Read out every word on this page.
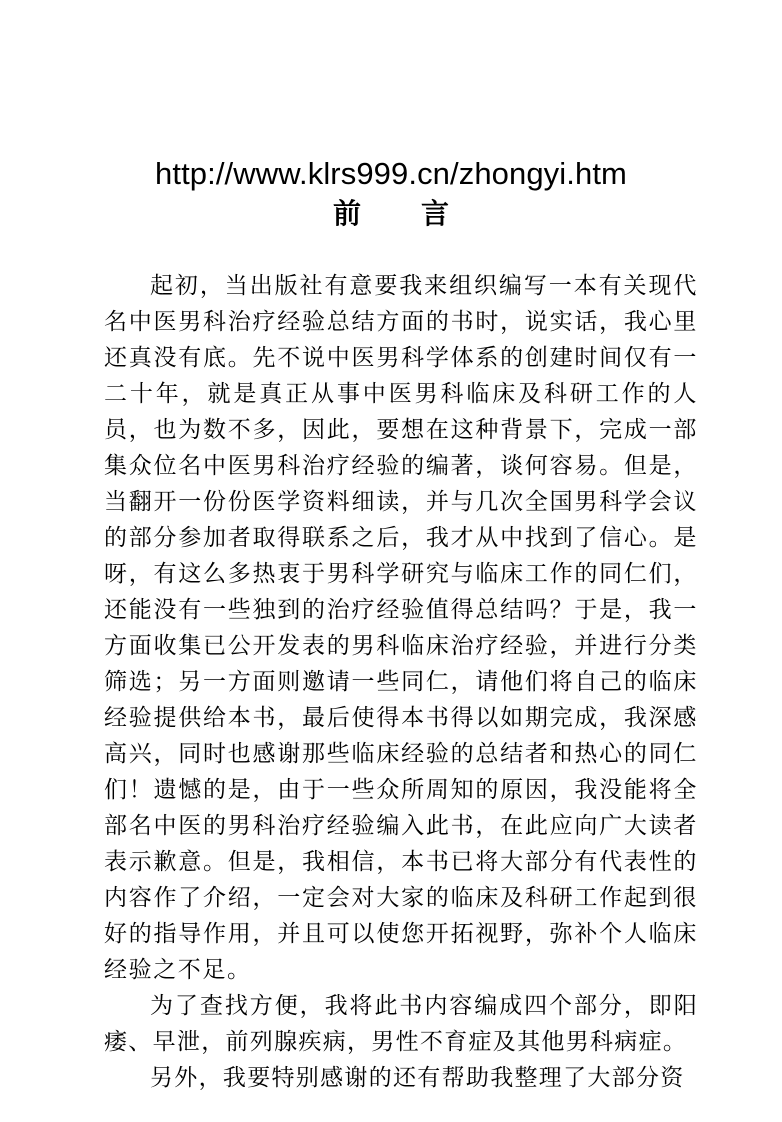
http://www.klrs999.cn/zhongyi.htm
前言

起初，当出版社有意要我来组织编写一本有关现代名中医男科治疗经验总结方面的书时，说实话，我心里还真没有底。先不说中医男科学体系的创建时间仅有一二十年，就是真正从事中医男科临床及科研工作的人员，也为数不多，因此，要想在这种背景下，完成一部集众位名中医男科治疗经验的编著，谈何容易。但是，当翻开一份份医学资料细读，并与几次全国男科学会议的部分参加者取得联系之后，我才从中找到了信心。是呀，有这么多热衷于男科学研究与临床工作的同仁们，还能没有一些独到的治疗经验值得总结吗？于是，我一方面收集已公开发表的男科临床治疗经验，并进行分类筛选；另一方面则邀请一些同仁，请他们将自己的临床经验提供给本书，最后使得本书得以如期完成，我深感高兴，同时也感谢那些临床经验的总结者和热心的同仁们！遗憾的是，由于一些众所周知的原因，我没能将全部名中医的男科治疗经验编入此书，在此应向广大读者表示歉意。但是，我相信，本书已将大部分有代表性的内容作了介绍，一定会对大家的临床及科研工作起到很好的指导作用，并且可以使您开拓视野，弥补个人临床经验之不足。

为了查找方便，我将此书内容编成四个部分，即阳痿、早泄，前列腺疾病，男性不育症及其他男科病症。

另外，我要特别感谢的还有帮助我整理了大部分资
